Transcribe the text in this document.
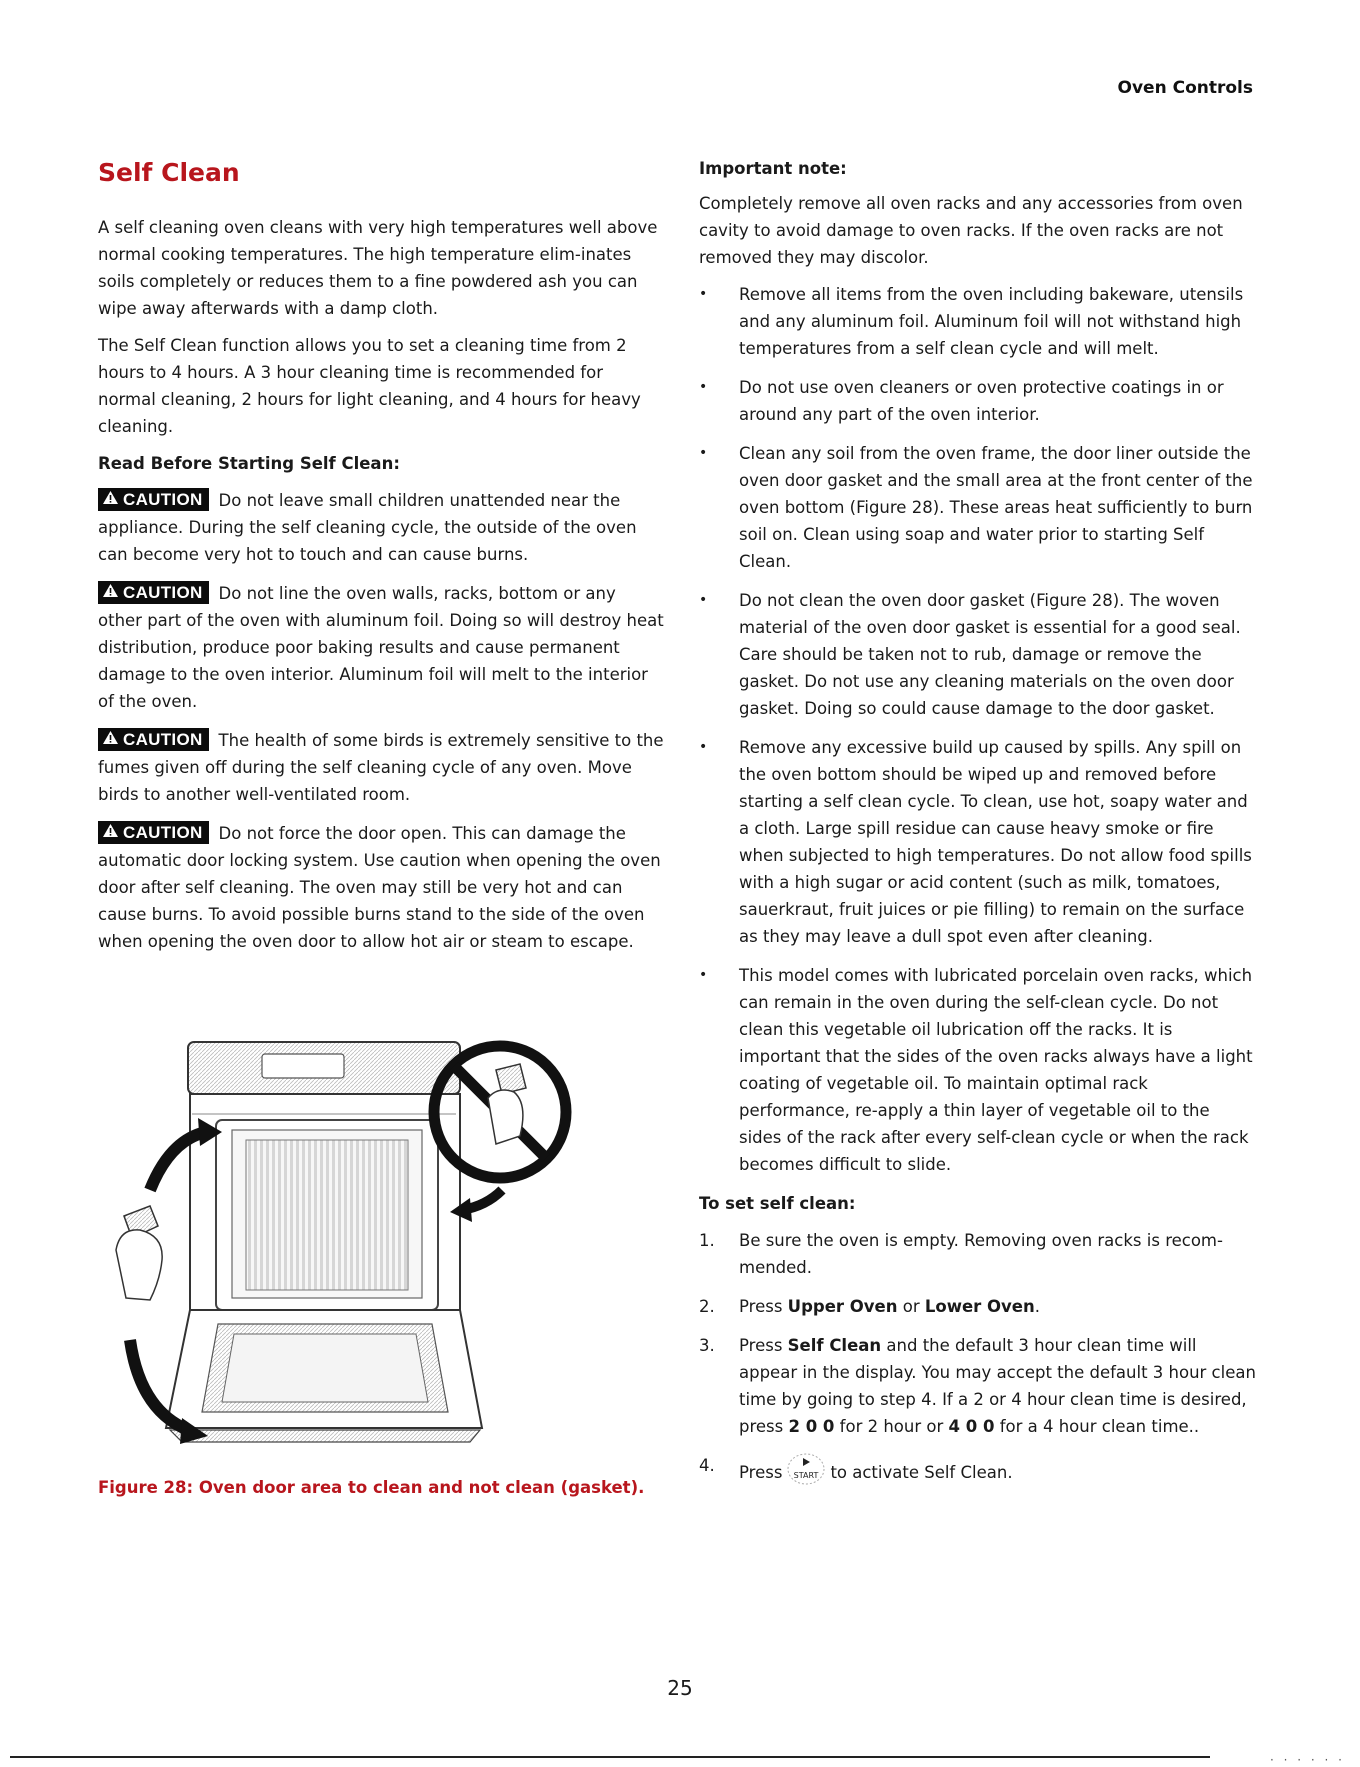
Oven Controls
Self Clean

A self cleaning oven cleans with very high temperatures well above normal cooking temperatures. The high temperature elim-inates soils completely or reduces them to a fine powdered ash you can wipe away afterwards with a damp cloth.

The Self Clean function allows you to set a cleaning time from 2 hours to 4 hours. A 3 hour cleaning time is recommended for normal cleaning, 2 hours for light cleaning, and 4 hours for heavy cleaning.

Read Before Starting Self Clean:

CAUTION Do not leave small children unattended near the appliance. During the self cleaning cycle, the outside of the oven can become very hot to touch and can cause burns.

CAUTION Do not line the oven walls, racks, bottom or any other part of the oven with aluminum foil. Doing so will destroy heat distribution, produce poor baking results and cause permanent damage to the oven interior. Aluminum foil will melt to the interior of the oven.

CAUTION The health of some birds is extremely sensitive to the fumes given off during the self cleaning cycle of any oven. Move birds to another well-ventilated room.

CAUTION Do not force the door open. This can damage the automatic door locking system. Use caution when opening the oven door after self cleaning. The oven may still be very hot and can cause burns. To avoid possible burns stand to the side of the oven when opening the oven door to allow hot air or steam to escape.

Figure 28: Oven door area to clean and not clean (gasket).
Important note:

Completely remove all oven racks and any accessories from oven cavity to avoid damage to oven racks. If the oven racks are not removed they may discolor.

• Remove all items from the oven including bakeware, utensils and any aluminum foil. Aluminum foil will not withstand high temperatures from a self clean cycle and will melt.

• Do not use oven cleaners or oven protective coatings in or around any part of the oven interior.

• Clean any soil from the oven frame, the door liner outside the oven door gasket and the small area at the front center of the oven bottom (Figure 28). These areas heat sufficiently to burn soil on. Clean using soap and water prior to starting Self Clean.

• Do not clean the oven door gasket (Figure 28). The woven material of the oven door gasket is essential for a good seal. Care should be taken not to rub, damage or remove the gasket. Do not use any cleaning materials on the oven door gasket. Doing so could cause damage to the door gasket.

• Remove any excessive build up caused by spills. Any spill on the oven bottom should be wiped up and removed before starting a self clean cycle. To clean, use hot, soapy water and a cloth. Large spill residue can cause heavy smoke or fire when subjected to high temperatures. Do not allow food spills with a high sugar or acid content (such as milk, tomatoes, sauerkraut, fruit juices or pie filling) to remain on the surface as they may leave a dull spot even after cleaning.

• This model comes with lubricated porcelain oven racks, which can remain in the oven during the self-clean cycle. Do not clean this vegetable oil lubrication off the racks. It is important that the sides of the oven racks always have a light coating of vegetable oil. To maintain optimal rack performance, re-apply a thin layer of vegetable oil to the sides of the rack after every self-clean cycle or when the rack becomes difficult to slide.

To set self clean:
1. Be sure the oven is empty. Removing oven racks is recom-mended.

2. Press Upper Oven or Lower Oven.

3. Press Self Clean and the default 3 hour clean time will appear in the display. You may accept the default 3 hour clean time by going to step 4. If a 2 or 4 hour clean time is desired, press 2 0 0 for 2 hour or 4 0 0 for a 4 hour clean time..

4. Press START to activate Self Clean.

25
· · · · · ·
